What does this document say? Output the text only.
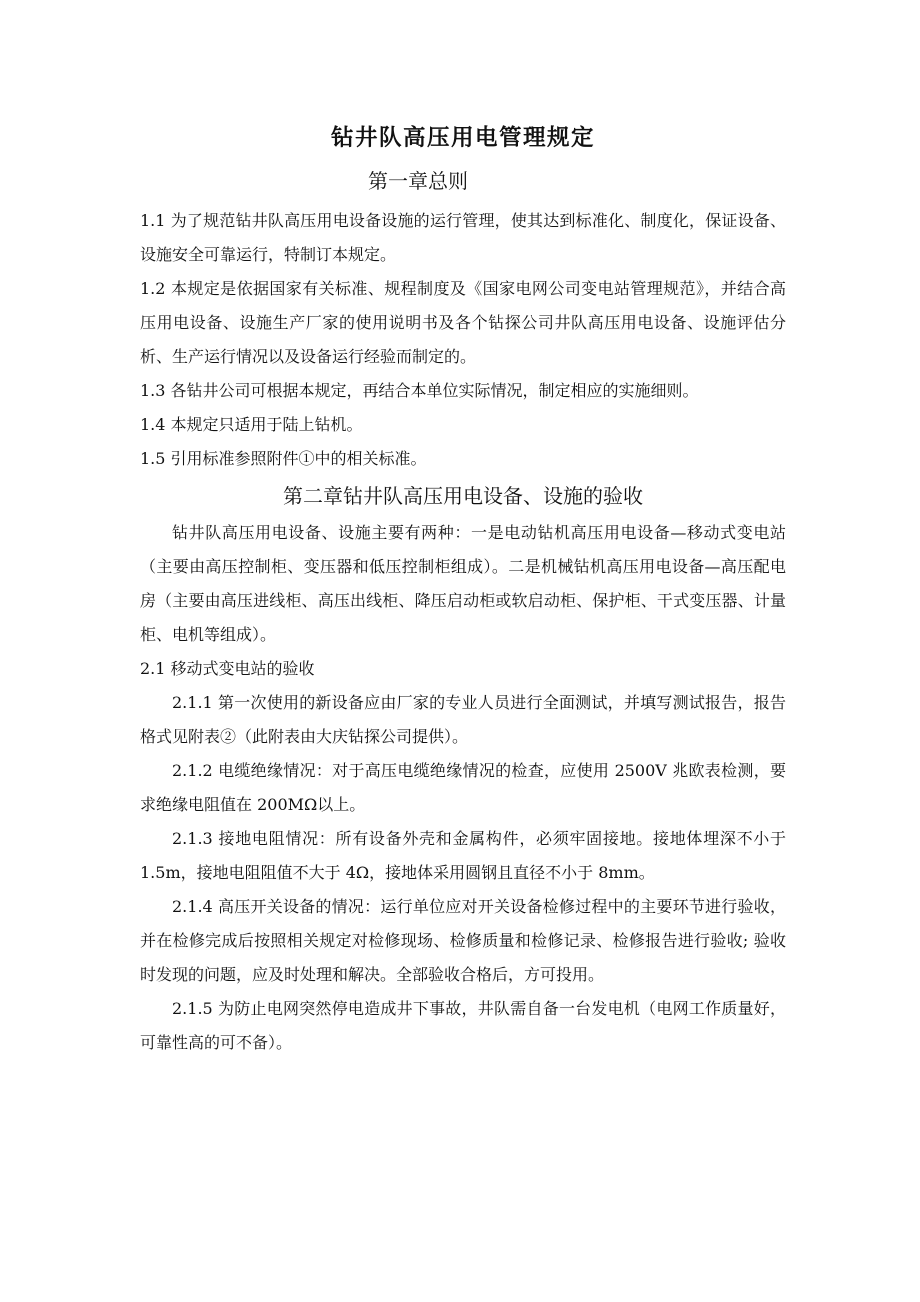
钻井队高压用电管理规定
第一章总则

1.1 为了规范钻井队高压用电设备设施的运行管理，使其达到标准化、制度化，保证设备、设施安全可靠运行，特制订本规定。

1.2 本规定是依据国家有关标准、规程制度及《国家电网公司变电站管理规范》，并结合高压用电设备、设施生产厂家的使用说明书及各个钻探公司井队高压用电设备、设施评估分析、生产运行情况以及设备运行经验而制定的。

1.3 各钻井公司可根据本规定，再结合本单位实际情况，制定相应的实施细则。

1.4 本规定只适用于陆上钻机。

1.5 引用标准参照附件①中的相关标准。

第二章钻井队高压用电设备、设施的验收

钻井队高压用电设备、设施主要有两种：一是电动钻机高压用电设备—移动式变电站（主要由高压控制柜、变压器和低压控制柜组成）。二是机械钻机高压用电设备—高压配电房（主要由高压进线柜、高压出线柜、降压启动柜或软启动柜、保护柜、干式变压器、计量柜、电机等组成）。

2.1 移动式变电站的验收

2.1.1 第一次使用的新设备应由厂家的专业人员进行全面测试，并填写测试报告，报告格式见附表②（此附表由大庆钻探公司提供）。

2.1.2 电缆绝缘情况：对于高压电缆绝缘情况的检查，应使用 2500V 兆欧表检测，要求绝缘电阻值在 200MΩ以上。

2.1.3 接地电阻情况：所有设备外壳和金属构件，必须牢固接地。接地体埋深不小于 1.5m，接地电阻阻值不大于 4Ω，接地体采用圆钢且直径不小于 8mm。

2.1.4 高压开关设备的情况：运行单位应对开关设备检修过程中的主要环节进行验收，并在检修完成后按照相关规定对检修现场、检修质量和检修记录、检修报告进行验收; 验收时发现的问题，应及时处理和解决。全部验收合格后，方可投用。

2.1.5 为防止电网突然停电造成井下事故，井队需自备一台发电机（电网工作质量好，可靠性高的可不备）。
